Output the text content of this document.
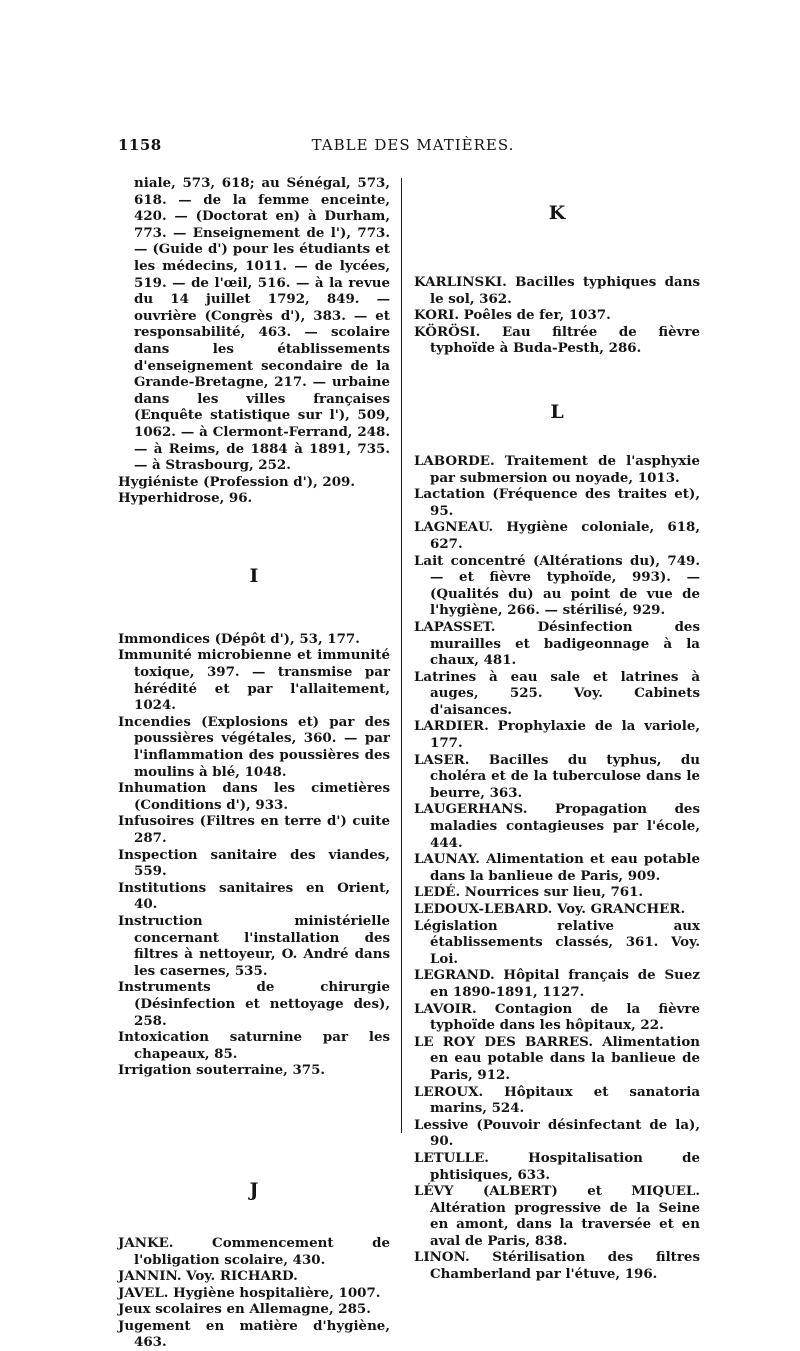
1158	TABLE DES MATIÈRES.

niale, 573, 618; au Sénégal, 573, 618. — de la femme enceinte, 420. — (Doctorat en) à Durham, 773. — Enseignement de l'), 773. — (Guide d') pour les étudiants et les médecins, 1011. — de lycées, 519. — de l'œil, 516. — à la revue du 14 juillet 1792, 849. — ouvrière (Congrès d'), 383. — et responsabilité, 463. — scolaire dans les établissements d'enseignement secondaire de la Grande-Bretagne, 217. — urbaine dans les villes françaises (Enquête statistique sur l'), 509, 1062. — à Clermont-Ferrand, 248. — à Reims, de 1884 à 1891, 735. — à Strasbourg, 252.

Hygiéniste (Profession d'), 209.

Hyperhidrose, 96.

I

Immondices (Dépôt d'), 53, 177.

Immunité microbienne et immunité toxique, 397. — transmise par hérédité et par l'allaitement, 1024.

Incendies (Explosions et) par des poussières végétales, 360. — par l'inflammation des poussières des moulins à blé, 1048.

Inhumation dans les cimetières (Conditions d'), 933.

Infusoires (Filtres en terre d') cuite 287.

Inspection sanitaire des viandes, 559.

Institutions sanitaires en Orient, 40.

Instruction ministérielle concernant l'installation des filtres à nettoyeur, O. André dans les casernes, 535.

Instruments de chirurgie (Désinfection et nettoyage des), 258.

Intoxication saturnine par les chapeaux, 85.

Irrigation souterraine, 375.

J

JANKE. Commencement de l'obligation scolaire, 430.

JANNIN. Voy. RICHARD.

JAVEL. Hygiène hospitalière, 1007.

Jeux scolaires en Allemagne, 285.

Jugement en matière d'hygiène, 463.

K

KARLINSKI. Bacilles typhiques dans le sol, 362.

KORI. Poêles de fer, 1037.

KÖRÖSI. Eau filtrée de fièvre typhoïde à Buda-Pesth, 286.

L

LABORDE. Traitement de l'asphyxie par submersion ou noyade, 1013.

Lactation (Fréquence des traites et), 95.

LAGNEAU. Hygiène coloniale, 618, 627.

Lait concentré (Altérations du), 749. — et fièvre typhoïde, 993). — (Qualités du) au point de vue de l'hygiène, 266. — stérilisé, 929.

LAPASSET. Désinfection des murailles et badigeonnage à la chaux, 481.

Latrines à eau sale et latrines à auges, 525. Voy. Cabinets d'aisances.

LARDIER. Prophylaxie de la variole, 177.

LASER. Bacilles du typhus, du choléra et de la tuberculose dans le beurre, 363.

LAUGERHANS. Propagation des maladies contagieuses par l'école, 444.

LAUNAY. Alimentation et eau potable dans la banlieue de Paris, 909.

LEDÉ. Nourrices sur lieu, 761.

LEDOUX-LEBARD. Voy. GRANCHER.

Législation relative aux établissements classés, 361. Voy. Loi.

LEGRAND. Hôpital français de Suez en 1890-1891, 1127.

LAVOIR. Contagion de la fièvre typhoïde dans les hôpitaux, 22.

LE ROY DES BARRES. Alimentation en eau potable dans la banlieue de Paris, 912.

LEROUX. Hôpitaux et sanatoria marins, 524.

Lessive (Pouvoir désinfectant de la), 90.

LETULLE. Hospitalisation de phtisiques, 633.

LÉVY (ALBERT) et MIQUEL. Altération progressive de la Seine en amont, dans la traversée et en aval de Paris, 838.

LINON. Stérilisation des filtres Chamberland par l'étuve, 196.
